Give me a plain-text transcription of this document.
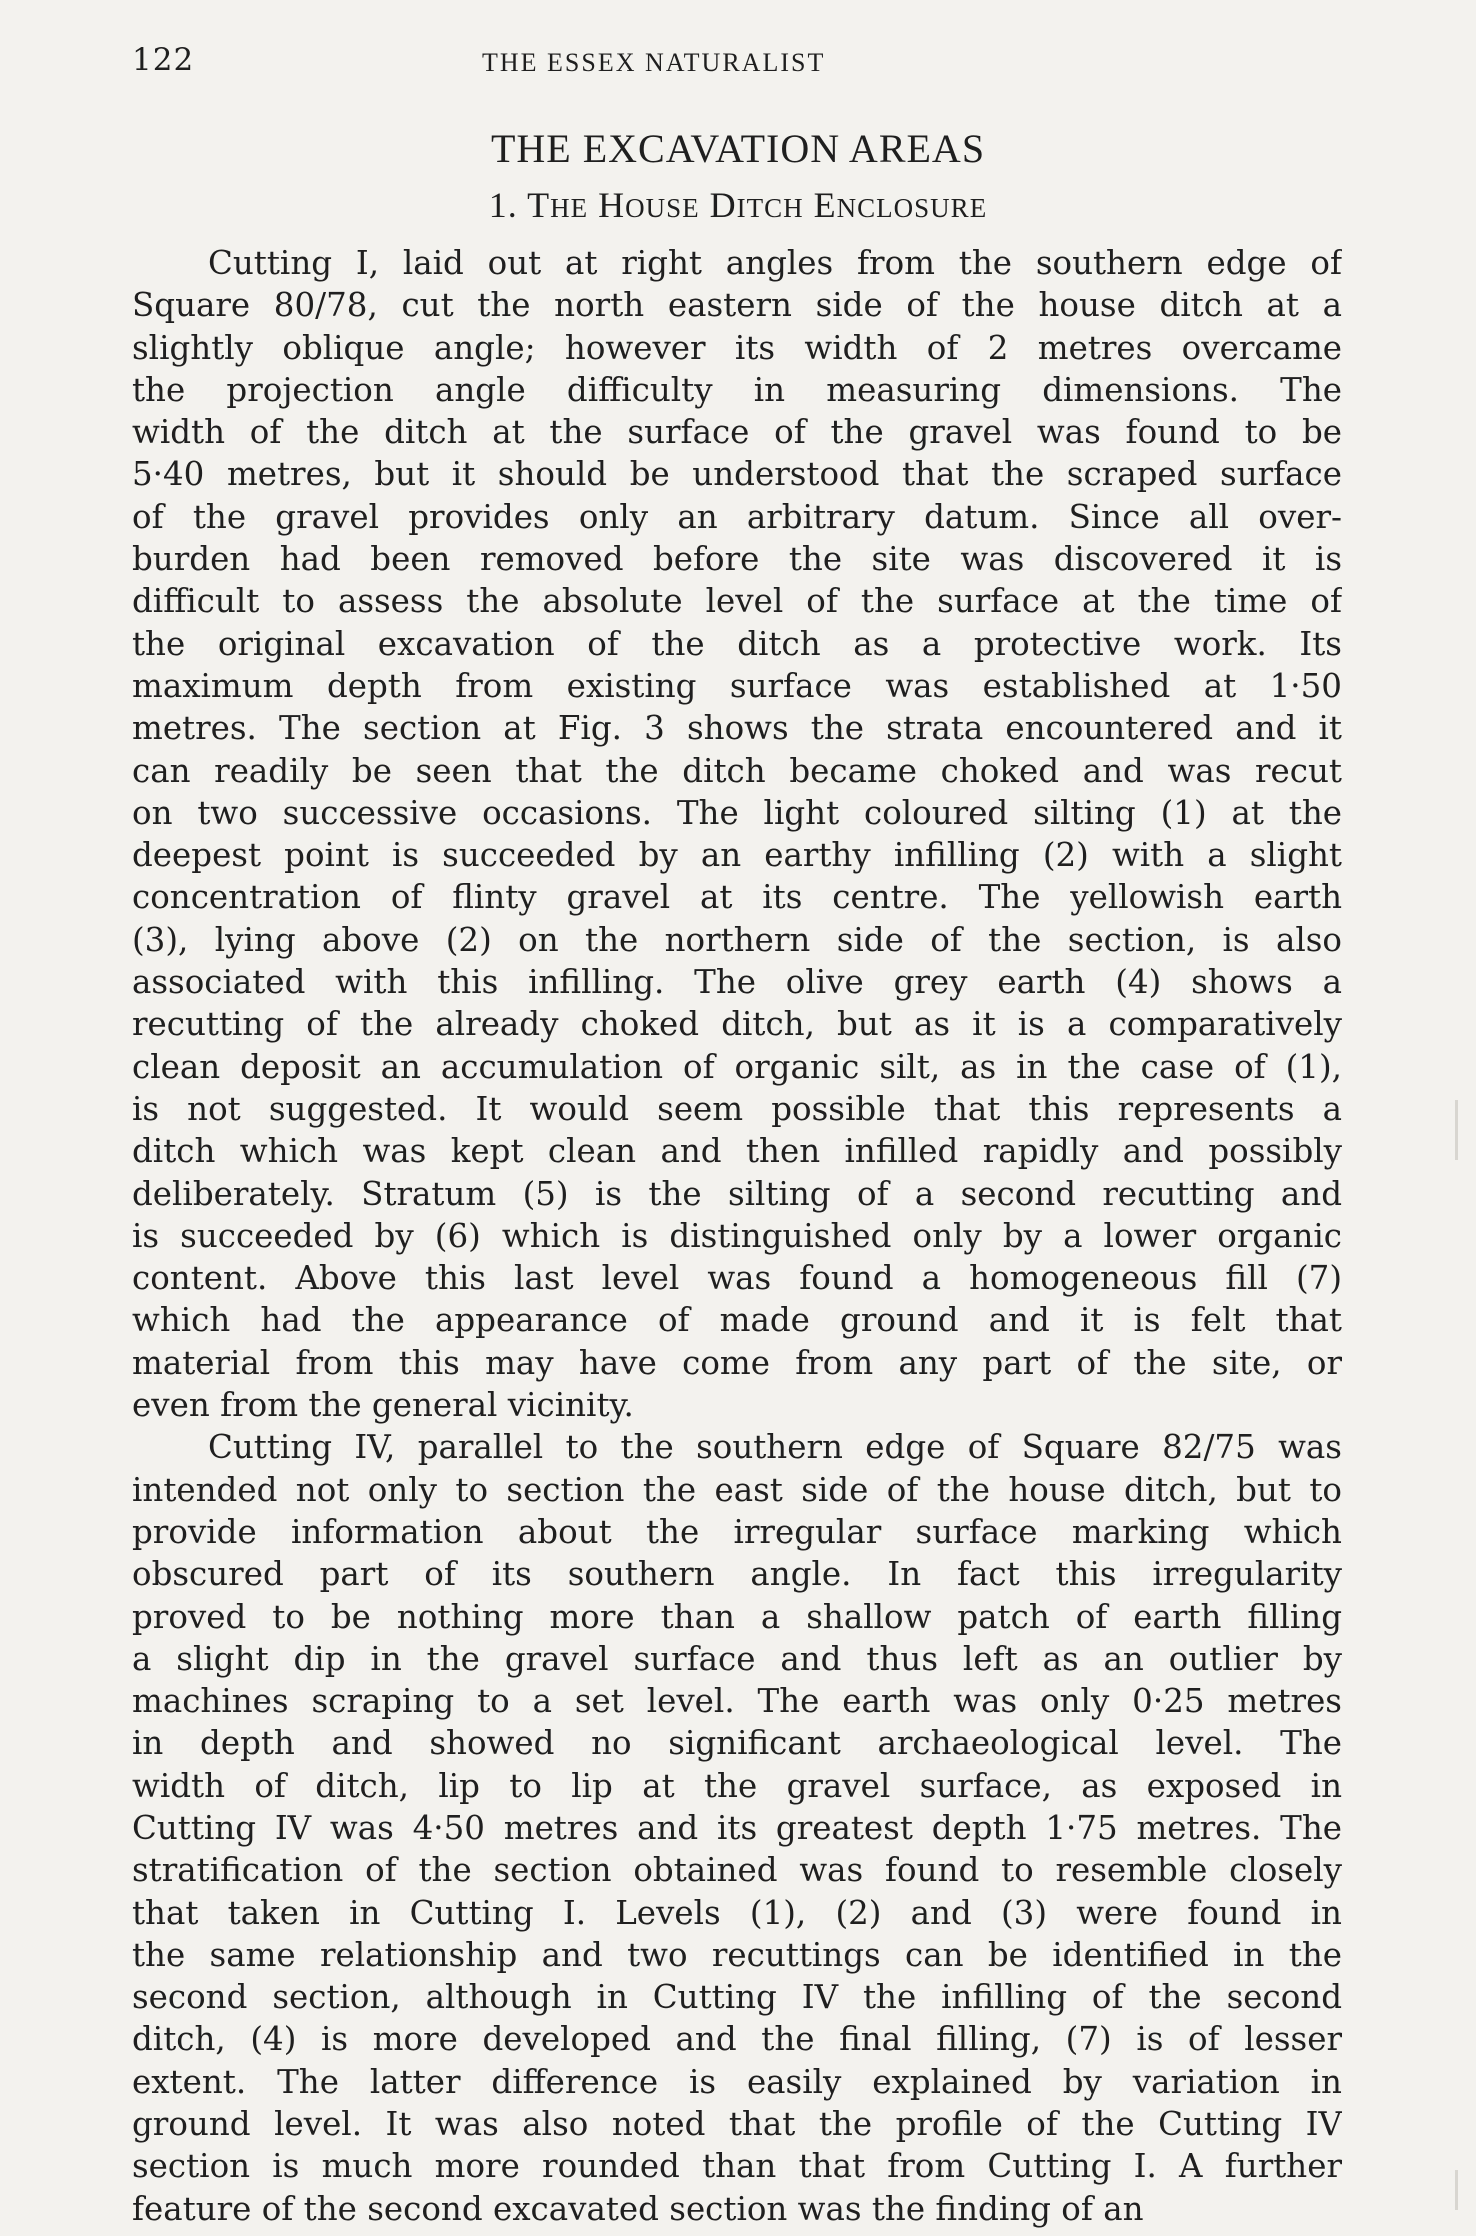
122	THE ESSEX NATURALIST
THE EXCAVATION AREAS
1. THE HOUSE DITCH ENCLOSURE
Cutting I, laid out at right angles from the southern edge of
Square 80/78, cut the north eastern side of the house ditch at a
slightly oblique angle; however its width of 2 metres overcame
the projection angle difficulty in measuring dimensions. The
width of the ditch at the surface of the gravel was found to be
5·40 metres, but it should be understood that the scraped surface
of the gravel provides only an arbitrary datum. Since all over-
burden had been removed before the site was discovered it is
difficult to assess the absolute level of the surface at the time of
the original excavation of the ditch as a protective work. Its
maximum depth from existing surface was established at 1·50
metres. The section at Fig. 3 shows the strata encountered and it
can readily be seen that the ditch became choked and was recut
on two successive occasions. The light coloured silting (1) at the
deepest point is succeeded by an earthy infilling (2) with a slight
concentration of flinty gravel at its centre. The yellowish earth
(3), lying above (2) on the northern side of the section, is also
associated with this infilling. The olive grey earth (4) shows a
recutting of the already choked ditch, but as it is a comparatively
clean deposit an accumulation of organic silt, as in the case of (1),
is not suggested. It would seem possible that this represents a
ditch which was kept clean and then infilled rapidly and possibly
deliberately. Stratum (5) is the silting of a second recutting and
is succeeded by (6) which is distinguished only by a lower organic
content. Above this last level was found a homogeneous fill (7)
which had the appearance of made ground and it is felt that
material from this may have come from any part of the site, or
even from the general vicinity.
Cutting IV, parallel to the southern edge of Square 82/75 was
intended not only to section the east side of the house ditch, but to
provide information about the irregular surface marking which
obscured part of its southern angle. In fact this irregularity
proved to be nothing more than a shallow patch of earth filling
a slight dip in the gravel surface and thus left as an outlier by
machines scraping to a set level. The earth was only 0·25 metres
in depth and showed no significant archaeological level. The
width of ditch, lip to lip at the gravel surface, as exposed in
Cutting IV was 4·50 metres and its greatest depth 1·75 metres. The
stratification of the section obtained was found to resemble closely
that taken in Cutting I. Levels (1), (2) and (3) were found in
the same relationship and two recuttings can be identified in the
second section, although in Cutting IV the infilling of the second
ditch, (4) is more developed and the final filling, (7) is of lesser
extent. The latter difference is easily explained by variation in
ground level. It was also noted that the profile of the Cutting IV
section is much more rounded than that from Cutting I. A further
feature of the second excavated section was the finding of an
